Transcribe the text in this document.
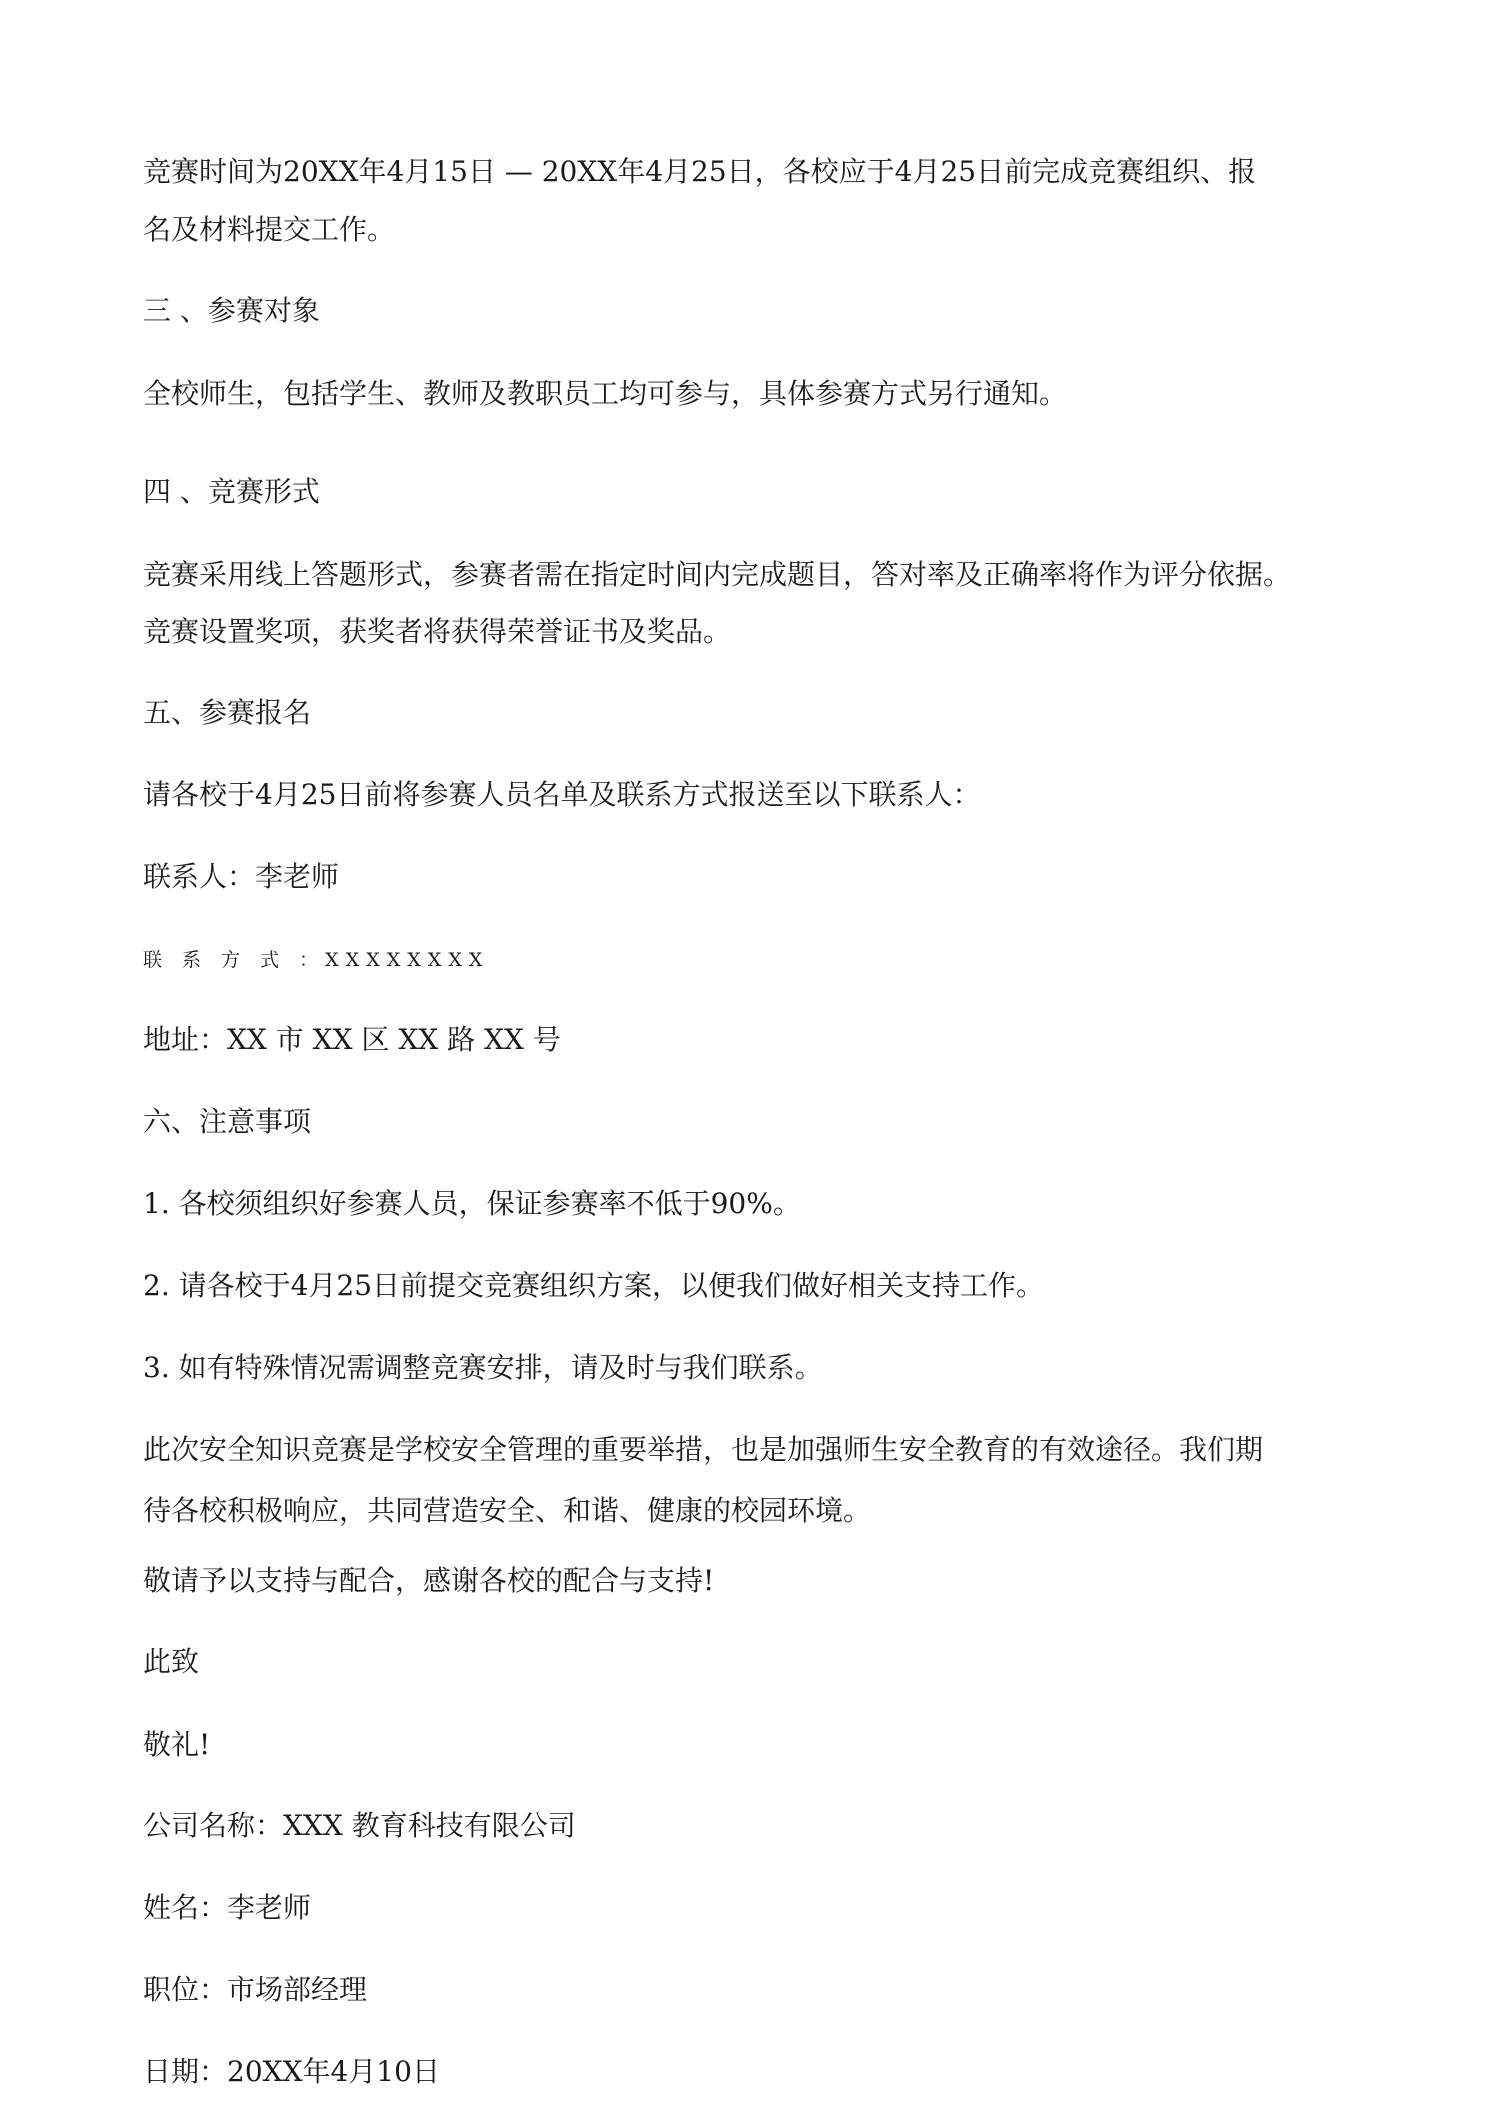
竞赛时间为20XX年4月15日 — 20XX年4月25日，各校应于4月25日前完成竞赛组织、报

名及材料提交工作。

三 、参赛对象

全校师生，包括学生、教师及教职员工均可参与，具体参赛方式另行通知。

四 、竞赛形式

竞赛采用线上答题形式，参赛者需在指定时间内完成题目，答对率及正确率将作为评分依据。

竞赛设置奖项，获奖者将获得荣誉证书及奖品。

五、参赛报名

请各校于4月25日前将参赛人员名单及联系方式报送至以下联系人：

联系人：李老师

联 系 方 式 ：XXXXXXXX

地址：XX 市 XX 区 XX 路 XX 号

六、注意事项

1. 各校须组织好参赛人员，保证参赛率不低于90%。

2. 请各校于4月25日前提交竞赛组织方案，以便我们做好相关支持工作。

3. 如有特殊情况需调整竞赛安排，请及时与我们联系。

此次安全知识竞赛是学校安全管理的重要举措，也是加强师生安全教育的有效途径。我们期

待各校积极响应，共同营造安全、和谐、健康的校园环境。

敬请予以支持与配合，感谢各校的配合与支持!

此致

敬礼!

公司名称：XXX 教育科技有限公司

姓名：李老师

职位：市场部经理

日期：20XX年4月10日
